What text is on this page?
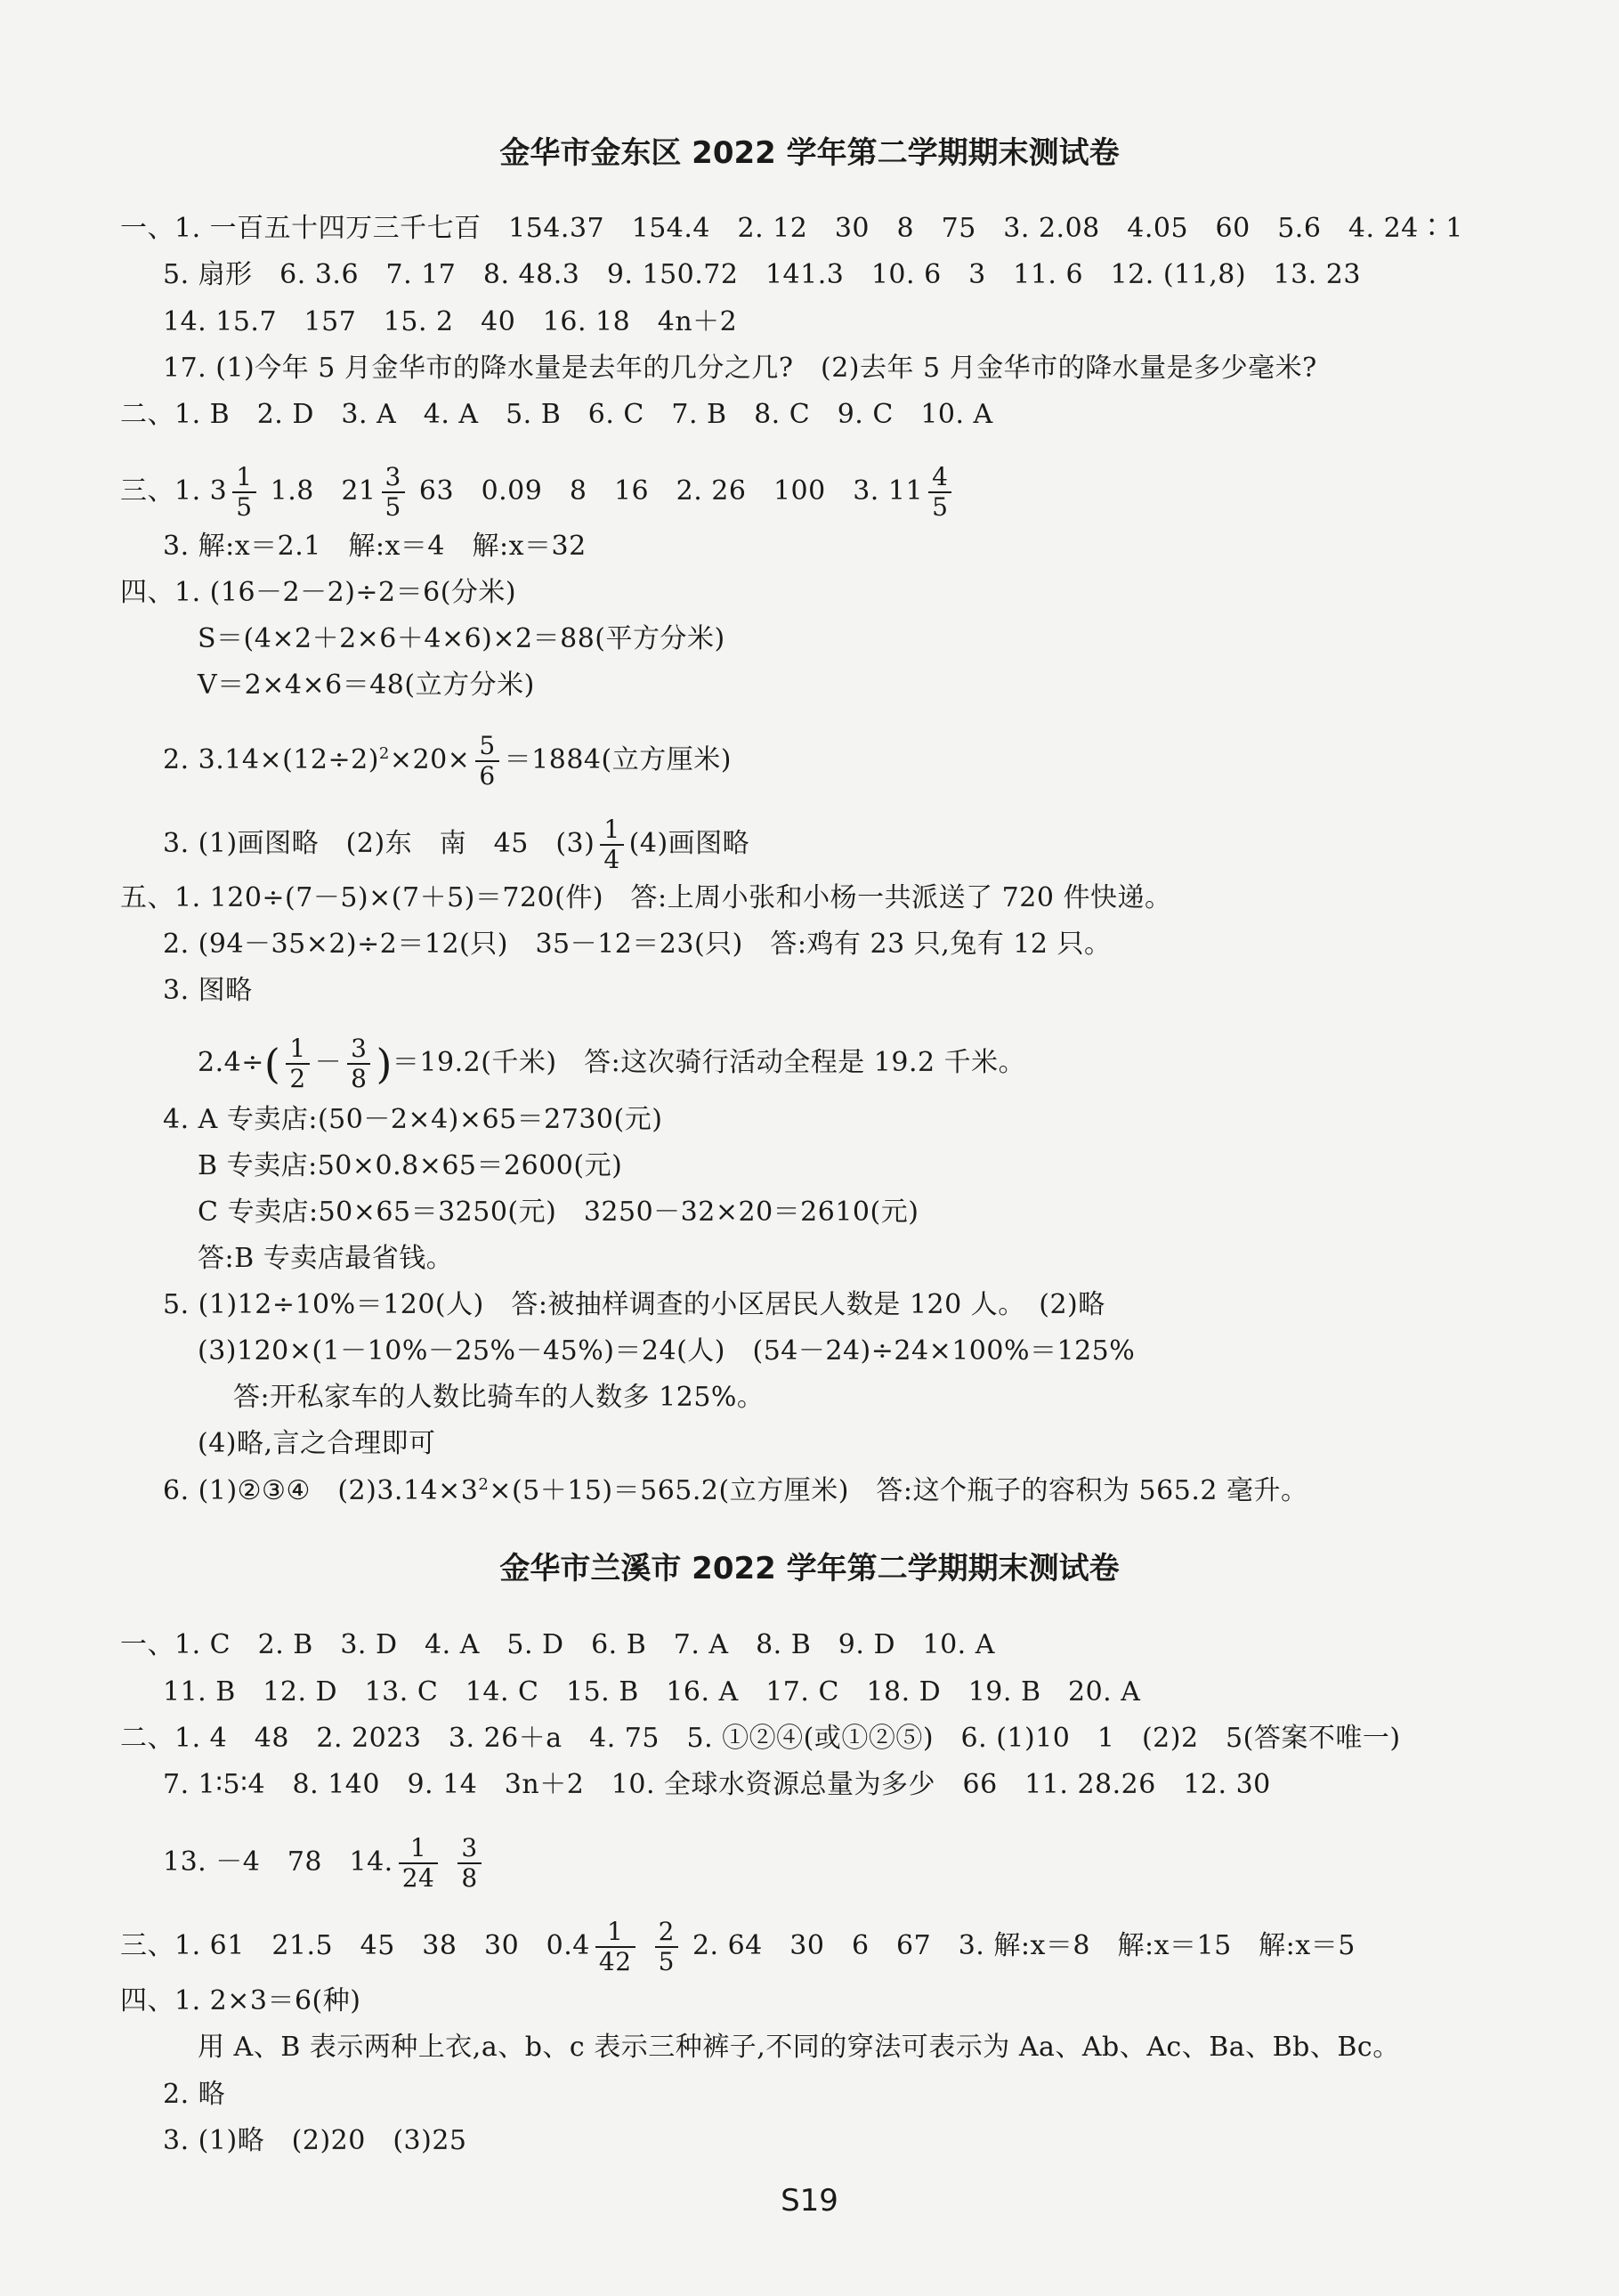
金华市金东区 2022 学年第二学期期末测试卷
一、1. 一百五十四万三千七百　154.37　154.4　2. 12　30　8　75　3. 2.08　4.05　60　5.6　4. 24∶1
5. 扇形　6. 3.6　7. 17　8. 48.3　9. 150.72　141.3　10. 6　3　11. 6　12. (11,8)　13. 23
14. 15.7　157　15. 2　40　16. 18　4n＋2
17. (1)今年 5 月金华市的降水量是去年的几分之几?　(2)去年 5 月金华市的降水量是多少毫米?
二、1. B　2. D　3. A　4. A　5. B　6. C　7. B　8. C　9. C　10. A
三、1. $3 \frac{1}{5} 1.8$　$21 \frac{3}{5} 63$　0.09　8　16　2. 26　100　3. $11 \frac{4}{5}$
3. 解:x＝2.1　解:x＝4　解:x＝32
四、1. (16－2－2)÷2＝6(分米)
S＝(4×2＋2×6＋4×6)×2＝88(平方分米)
V＝2×4×6＝48(立方分米)
2. $3.14\times(12\div 2)^2\times 20\times \frac{5}{6} =1884$(立方厘米)
3. (1)画图略　(2)东　南　45　$(3) \frac{1}{4} (4)$画图略
五、1. 120÷(7－5)×(7＋5)＝720(件)　答:上周小张和小杨一共派送了 720 件快递。
2. (94－35×2)÷2＝12(只)　35－12＝23(只)　答:鸡有 23 只,兔有 12 只。
3. 图略
$2.4\div( \frac{1}{2} - \frac{3}{8} )=19.2$(千米)　答:这次骑行活动全程是 19.2 千米。
4. A 专卖店:(50－2×4)×65＝2730(元)
B 专卖店:50×0.8×65＝2600(元)
C 专卖店:50×65＝3250(元)　3250－32×20＝2610(元)
答:B 专卖店最省钱。
5. (1)12÷10%＝120(人)　答:被抽样调查的小区居民人数是 120 人。　(2)略
(3)120×(1－10%－25%－45%)＝24(人)　(54－24)÷24×100%＝125%
答:开私家车的人数比骑车的人数多 125%。
(4)略,言之合理即可
6. (1)②③④　$(2)3.14\times 3^2\times(5+15)=565.2$(立方厘米)　答:这个瓶子的容积为 565.2 毫升。
金华市兰溪市 2022 学年第二学期期末测试卷
一、1. C　2. B　3. D　4. A　5. D　6. B　7. A　8. B　9. D　10. A
11. B　12. D　13. C　14. C　15. B　16. A　17. C　18. D　19. B　20. A
二、1. 4　48　2. 2023　3. 26＋a　4. 75　5. ①②④(或①②⑤)　6. (1)10　1　(2)2　5(答案不唯一)
7. 1∶5∶4　8. 140　9. 14　3n＋2　10. 全球水资源总量为多少　66　11. 28.26　12. 30
13. －4　78　14. $\frac{1}{24}$
$\frac{3}{8}$
三、1. 61　21.5　45　38　30　$0.4 \frac{1}{42}$
$\frac{2}{5} 2$. 64　30　6　67　3. 解:x＝8　解:x＝15　解:x＝5
四、1. 2×3＝6(种)
用 A、B 表示两种上衣,a、b、c 表示三种裤子,不同的穿法可表示为 Aa、Ab、Ac、Ba、Bb、Bc。
2. 略
3. (1)略　(2)20　(3)25
S19
